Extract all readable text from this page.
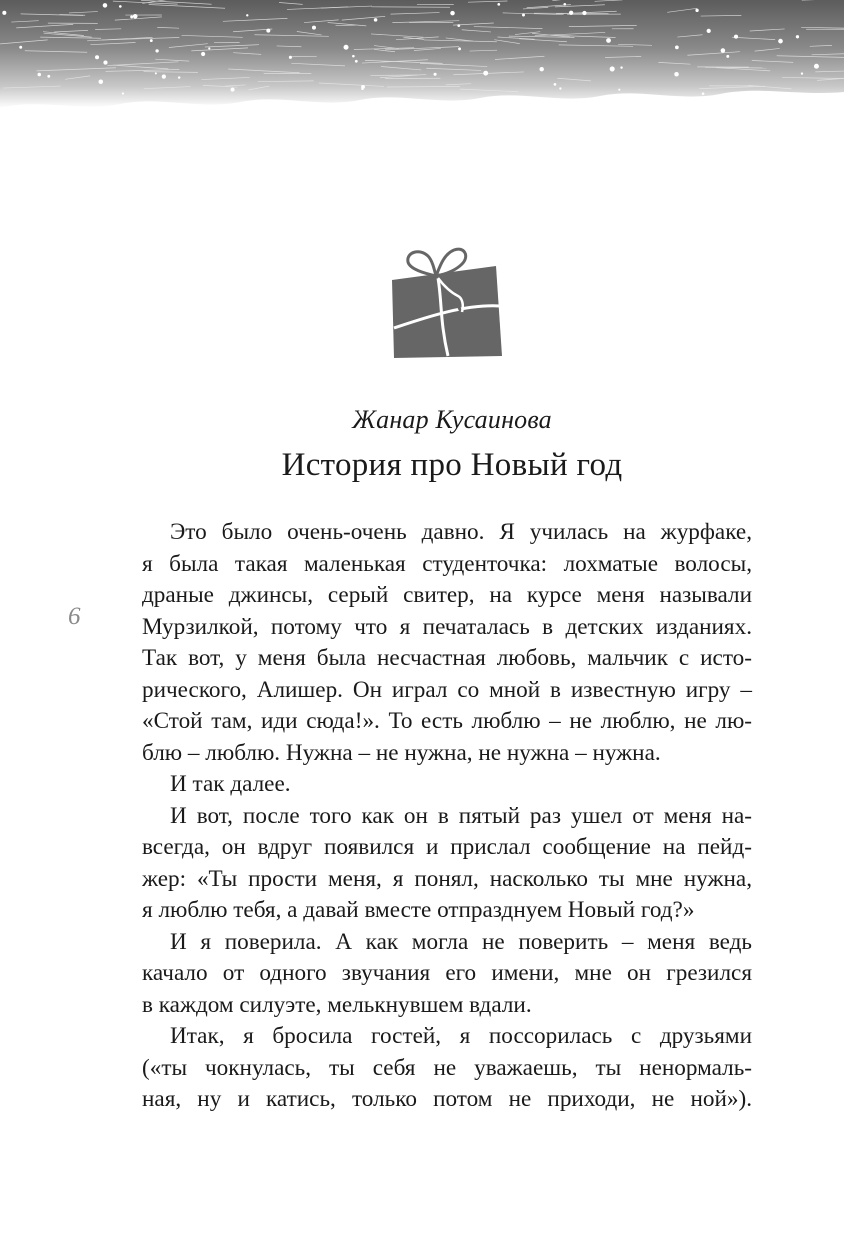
Жанар Кусаинова
История про Новый год
6
Это было очень-очень давно. Я училась на журфаке,
я была такая маленькая студенточка: лохматые волосы,
драные джинсы, серый свитер, на курсе меня называли
Мурзилкой, потому что я печаталась в детских изданиях.
Так вот, у меня была несчастная любовь, мальчик с исто-
рического, Алишер. Он играл со мной в известную игру –
«Стой там, иди сюда!». То есть люблю – не люблю, не лю-
блю – люблю. Нужна – не нужна, не нужна – нужна.
И так далее.
И вот, после того как он в пятый раз ушел от меня на-
всегда, он вдруг появился и прислал сообщение на пейд-
жер: «Ты прости меня, я понял, насколько ты мне нужна,
я люблю тебя, а давай вместе отпразднуем Новый год?»
И я поверила. А как могла не поверить – меня ведь
качало от одного звучания его имени, мне он грезился
в каждом силуэте, мелькнувшем вдали.
Итак, я бросила гостей, я поссорилась с друзьями
(«ты чокнулась, ты себя не уважаешь, ты ненормаль-
ная, ну и катись, только потом не приходи, не ной»).
